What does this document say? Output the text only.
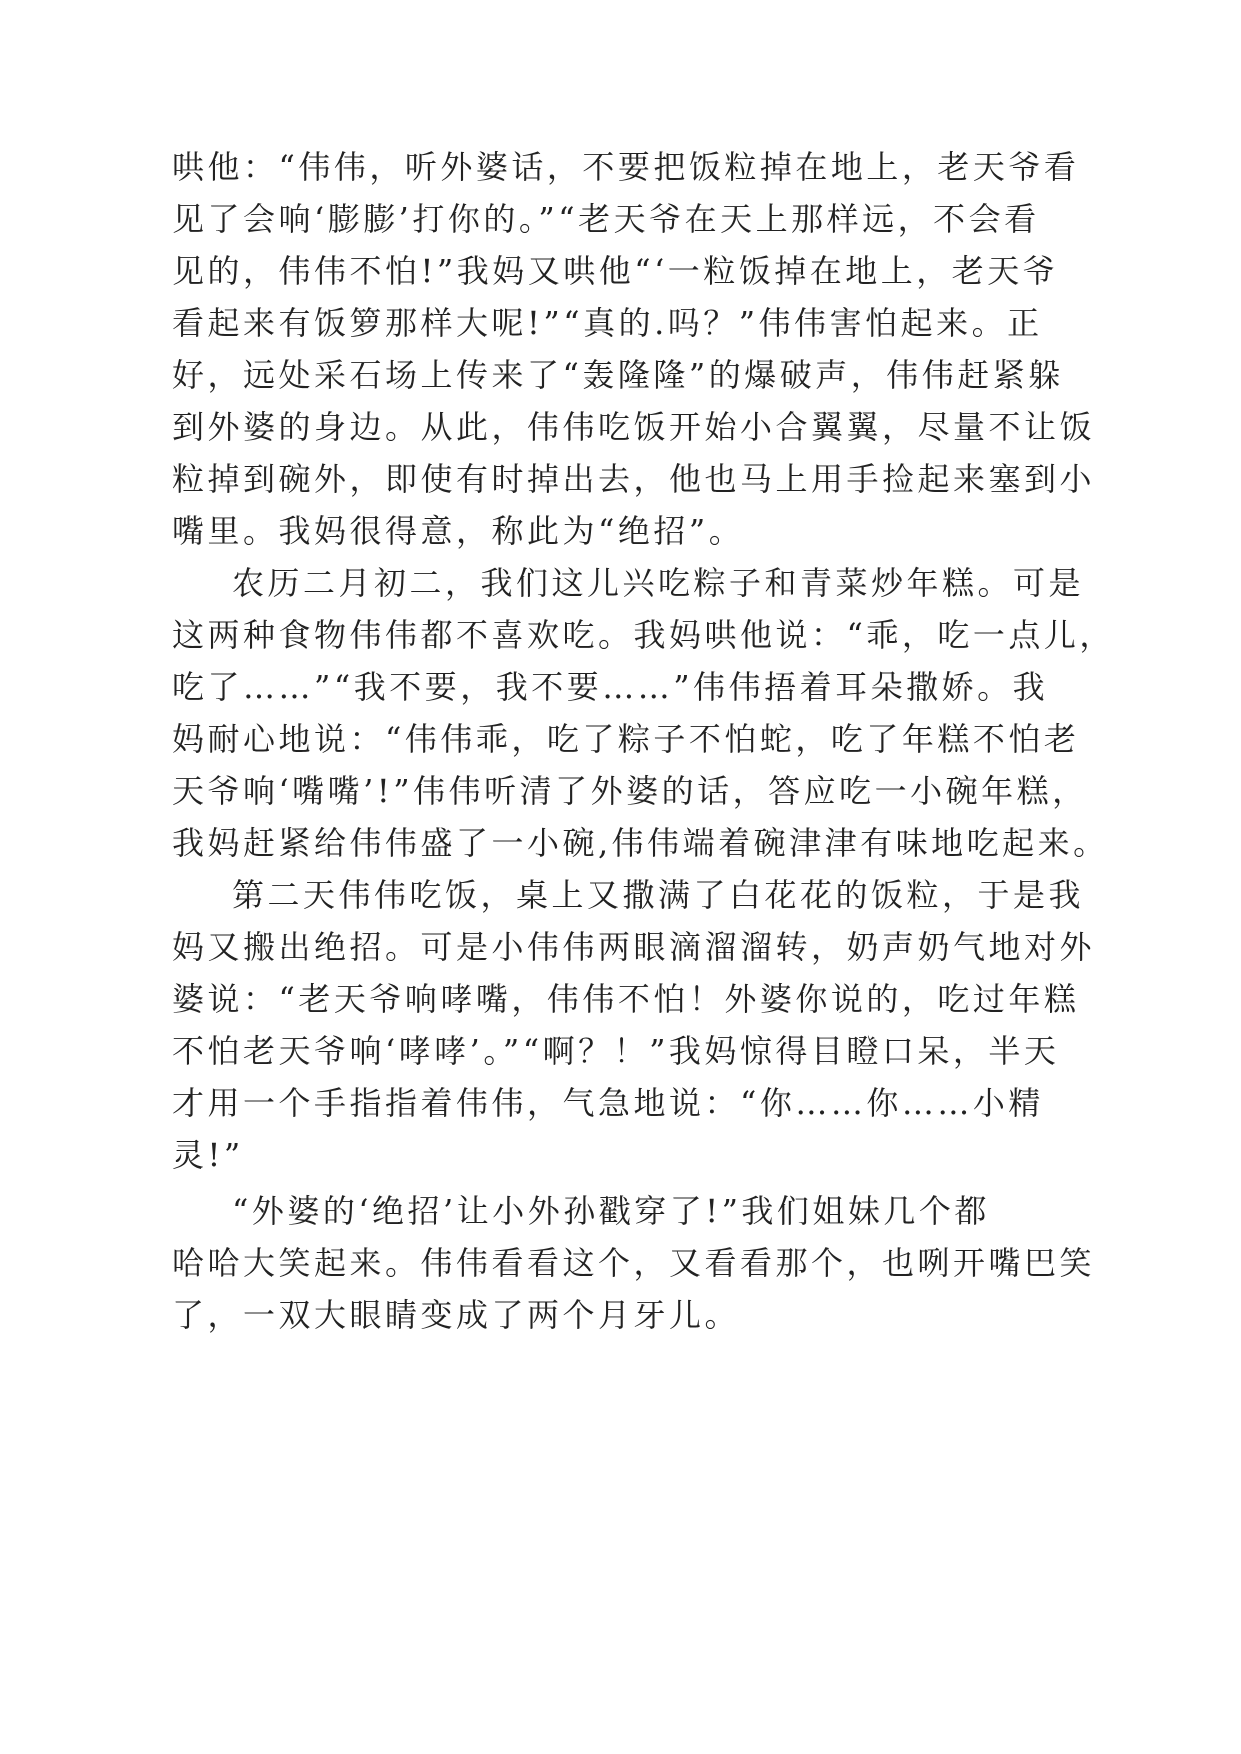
哄他：“伟伟，听外婆话，不要把饭粒掉在地上，老天爷看
见了会响‘膨膨’打你的。”“老天爷在天上那样远，不会看
见的，伟伟不怕!”我妈又哄他“‘一粒饭掉在地上，老天爷
看起来有饭箩那样大呢!”“真的.吗？”伟伟害怕起来。正
好，远处采石场上传来了“轰隆隆”的爆破声，伟伟赶紧躲
到外婆的身边。从此，伟伟吃饭开始小合翼翼，尽量不让饭
粒掉到碗外，即使有时掉出去，他也马上用手捡起来塞到小
嘴里。我妈很得意，称此为“绝招”。
农历二月初二，我们这儿兴吃粽子和青菜炒年糕。可是
这两种食物伟伟都不喜欢吃。我妈哄他说：“乖，吃一点儿，
吃了……”“我不要，我不要……”伟伟捂着耳朵撒娇。我
妈耐心地说：“伟伟乖，吃了粽子不怕蛇，吃了年糕不怕老
天爷响‘嘴嘴’!”伟伟听清了外婆的话，答应吃一小碗年糕，
我妈赶紧给伟伟盛了一小碗,伟伟端着碗津津有味地吃起来。
第二天伟伟吃饭，桌上又撒满了白花花的饭粒，于是我
妈又搬出绝招。可是小伟伟两眼滴溜溜转，奶声奶气地对外
婆说：“老天爷响哮嘴，伟伟不怕！外婆你说的，吃过年糕
不怕老天爷响‘哮哮’。”“啊？！”我妈惊得目瞪口呆，半天
才用一个手指指着伟伟，气急地说：“你……你……小精
灵!”
“外婆的‘绝招’让小外孙戳穿了!”我们姐妹几个都
哈哈大笑起来。伟伟看看这个，又看看那个，也咧开嘴巴笑
了，一双大眼睛变成了两个月牙儿。
